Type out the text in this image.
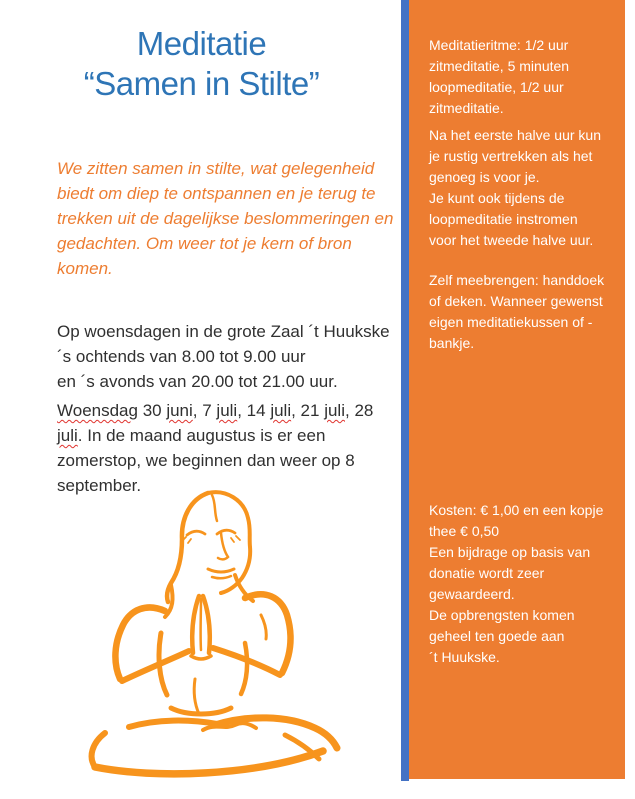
Meditatie
“Samen in Stilte”
We zitten samen in stilte, wat gelegenheid
biedt om diep te ontspannen en je terug te
trekken uit de dagelijkse beslommeringen en
gedachten. Om weer tot je kern of bron
komen.
Op woensdagen in de grote Zaal ´t Huukske
´s ochtends van 8.00 tot 9.00 uur
en ´s avonds van 20.00 tot 21.00 uur.
Woensdag 30 juni, 7 juli, 14 juli, 21 juli, 28
juli. In de maand augustus is er een
zomerstop, we beginnen dan weer op 8
september.
Meditatieritme: 1/2 uur
zitmeditatie, 5 minuten
loopmeditatie, 1/2 uur
zitmeditatie.
Na het eerste halve uur kun
je rustig vertrekken als het
genoeg is voor je.
Je kunt ook tijdens de
loopmeditatie instromen
voor het tweede halve uur.
Zelf meebrengen: handdoek
of deken. Wanneer gewenst
eigen meditatiekussen of -
bankje.
Kosten: € 1,00 en een kopje
thee € 0,50
Een bijdrage op basis van
donatie wordt zeer
gewaardeerd.
De opbrengsten komen
geheel ten goede aan
´t Huukske.
